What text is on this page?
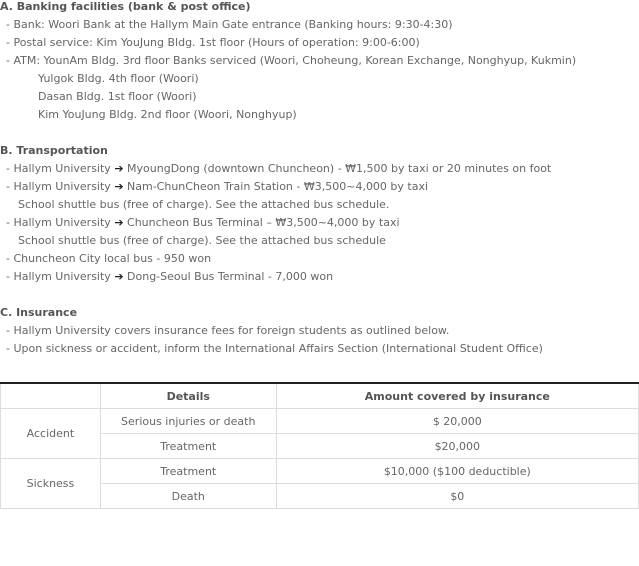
A. Banking facilities (bank & post office)
- Bank: Woori Bank at the Hallym Main Gate entrance (Banking hours: 9:30-4:30)
- Postal service: Kim YouJung Bldg. 1st floor (Hours of operation: 9:00-6:00)
- ATM: YounAm Bldg. 3rd floor Banks serviced (Woori, Choheung, Korean Exchange, Nonghyup, Kukmin)
Yulgok Bldg. 4th floor (Woori)
Dasan Bldg. 1st floor (Woori)
Kim YouJung Bldg. 2nd floor (Woori, Nonghyup)
B. Transportation
- Hallym University ➔ MyoungDong (downtown Chuncheon) - ₩1,500 by taxi or 20 minutes on foot
- Hallym University ➔ Nam-ChunCheon Train Station - ₩3,500~4,000 by taxi
School shuttle bus (free of charge). See the attached bus schedule.
- Hallym University ➔ Chuncheon Bus Terminal – ₩3,500~4,000 by taxi
School shuttle bus (free of charge). See the attached bus schedule
- Chuncheon City local bus - 950 won
- Hallym University ➔ Dong-Seoul Bus Terminal - 7,000 won
C. Insurance
- Hallym University covers insurance fees for foreign students as outlined below.
- Upon sickness or accident, inform the International Affairs Section (International Student Office)
	Details	Amount covered by insurance
Accident	Serious injuries or death	$ 20,000
	Treatment	$20,000
Sickness	Treatment	$10,000 ($100 deductible)
	Death	$0
